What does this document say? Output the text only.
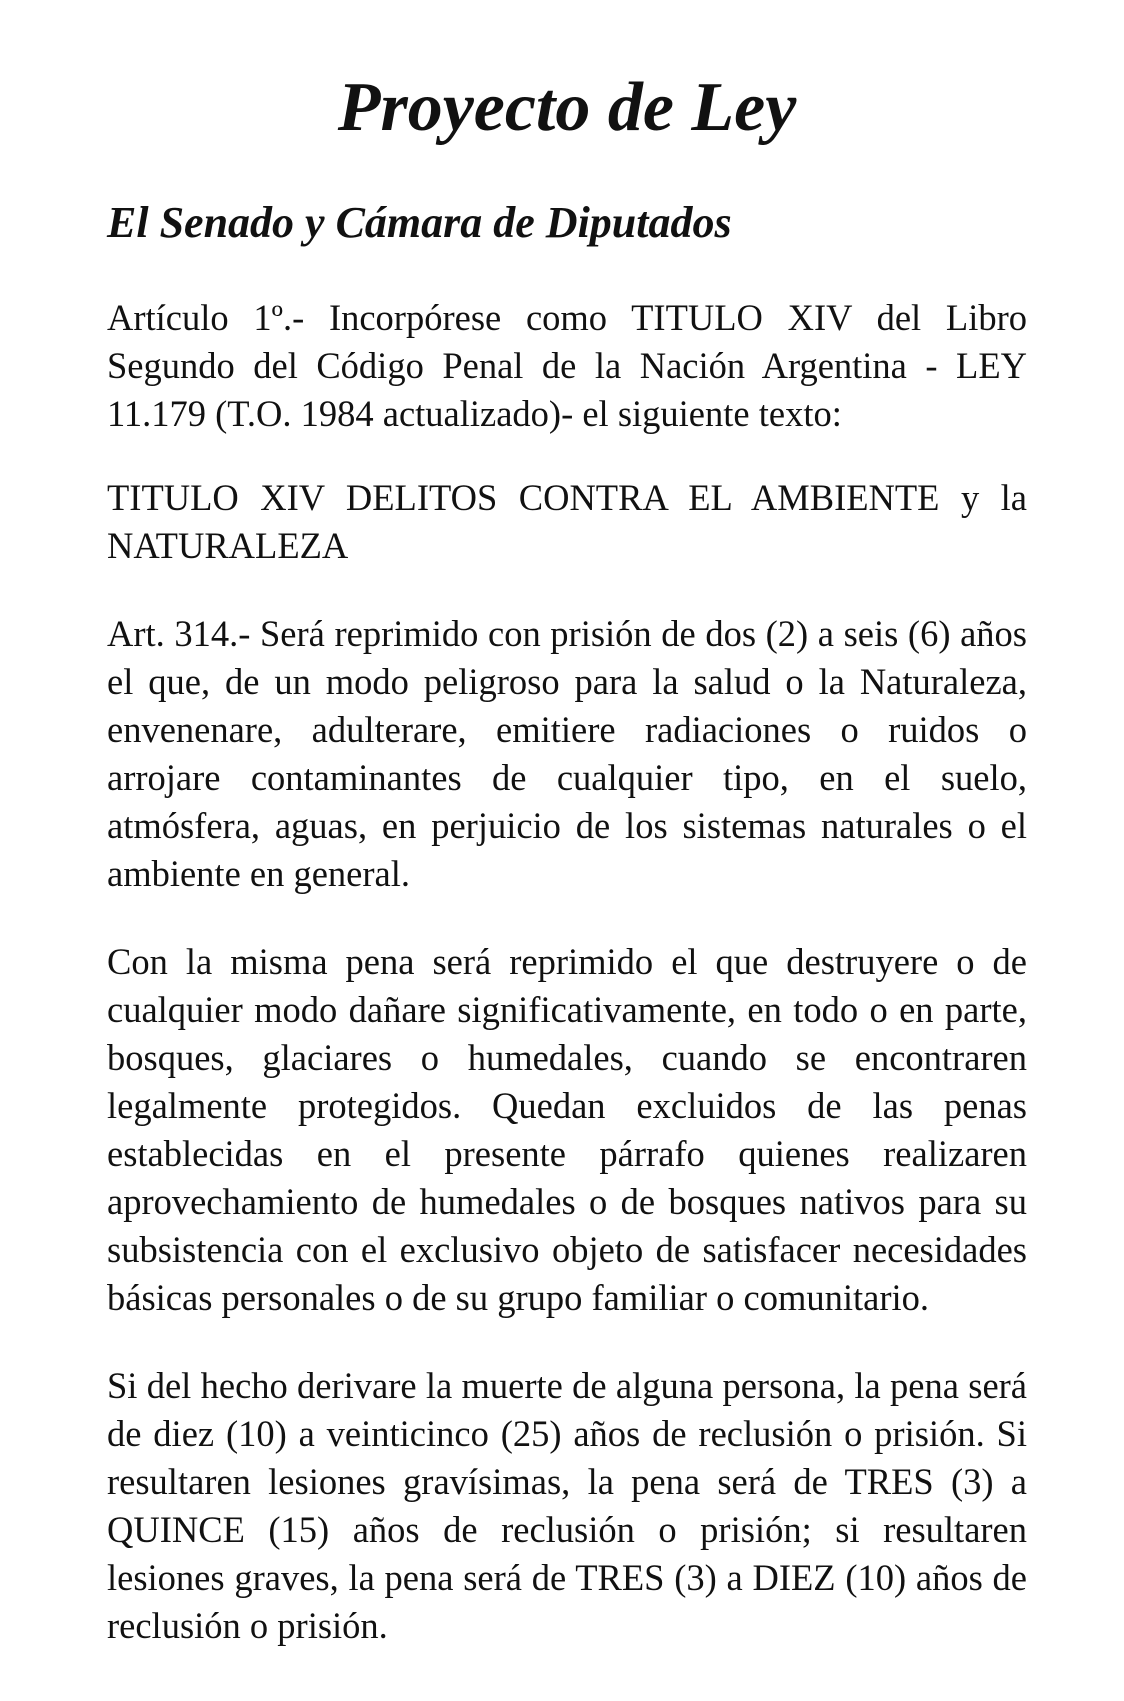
Proyecto de Ley
El Senado y Cámara de Diputados

Artículo 1º.- Incorpórese como TITULO XIV del Libro Segundo del Código Penal de la Nación Argentina - LEY 11.179 (T.O. 1984 actualizado)- el siguiente texto:

TITULO XIV DELITOS CONTRA EL AMBIENTE y la NATURALEZA

Art. 314.- Será reprimido con prisión de dos (2) a seis (6) años el que, de un modo peligroso para la salud o la Naturaleza, envenenare, adulterare, emitiere radiaciones o ruidos o arrojare contaminantes de cualquier tipo, en el suelo, atmósfera, aguas, en perjuicio de los sistemas naturales o el ambiente en general.

Con la misma pena será reprimido el que destruyere o de cualquier modo dañare significativamente, en todo o en parte, bosques, glaciares o humedales, cuando se encontraren legalmente protegidos. Quedan excluidos de las penas establecidas en el presente párrafo quienes realizaren aprovechamiento de humedales o de bosques nativos para su subsistencia con el exclusivo objeto de satisfacer necesidades básicas personales o de su grupo familiar o comunitario.

Si del hecho derivare la muerte de alguna persona, la pena será de diez (10) a veinticinco (25) años de reclusión o prisión. Si resultaren lesiones gravísimas, la pena será de TRES (3) a QUINCE (15) años de reclusión o prisión; si resultaren lesiones graves, la pena será de TRES (3) a DIEZ (10) años de reclusión o prisión.
